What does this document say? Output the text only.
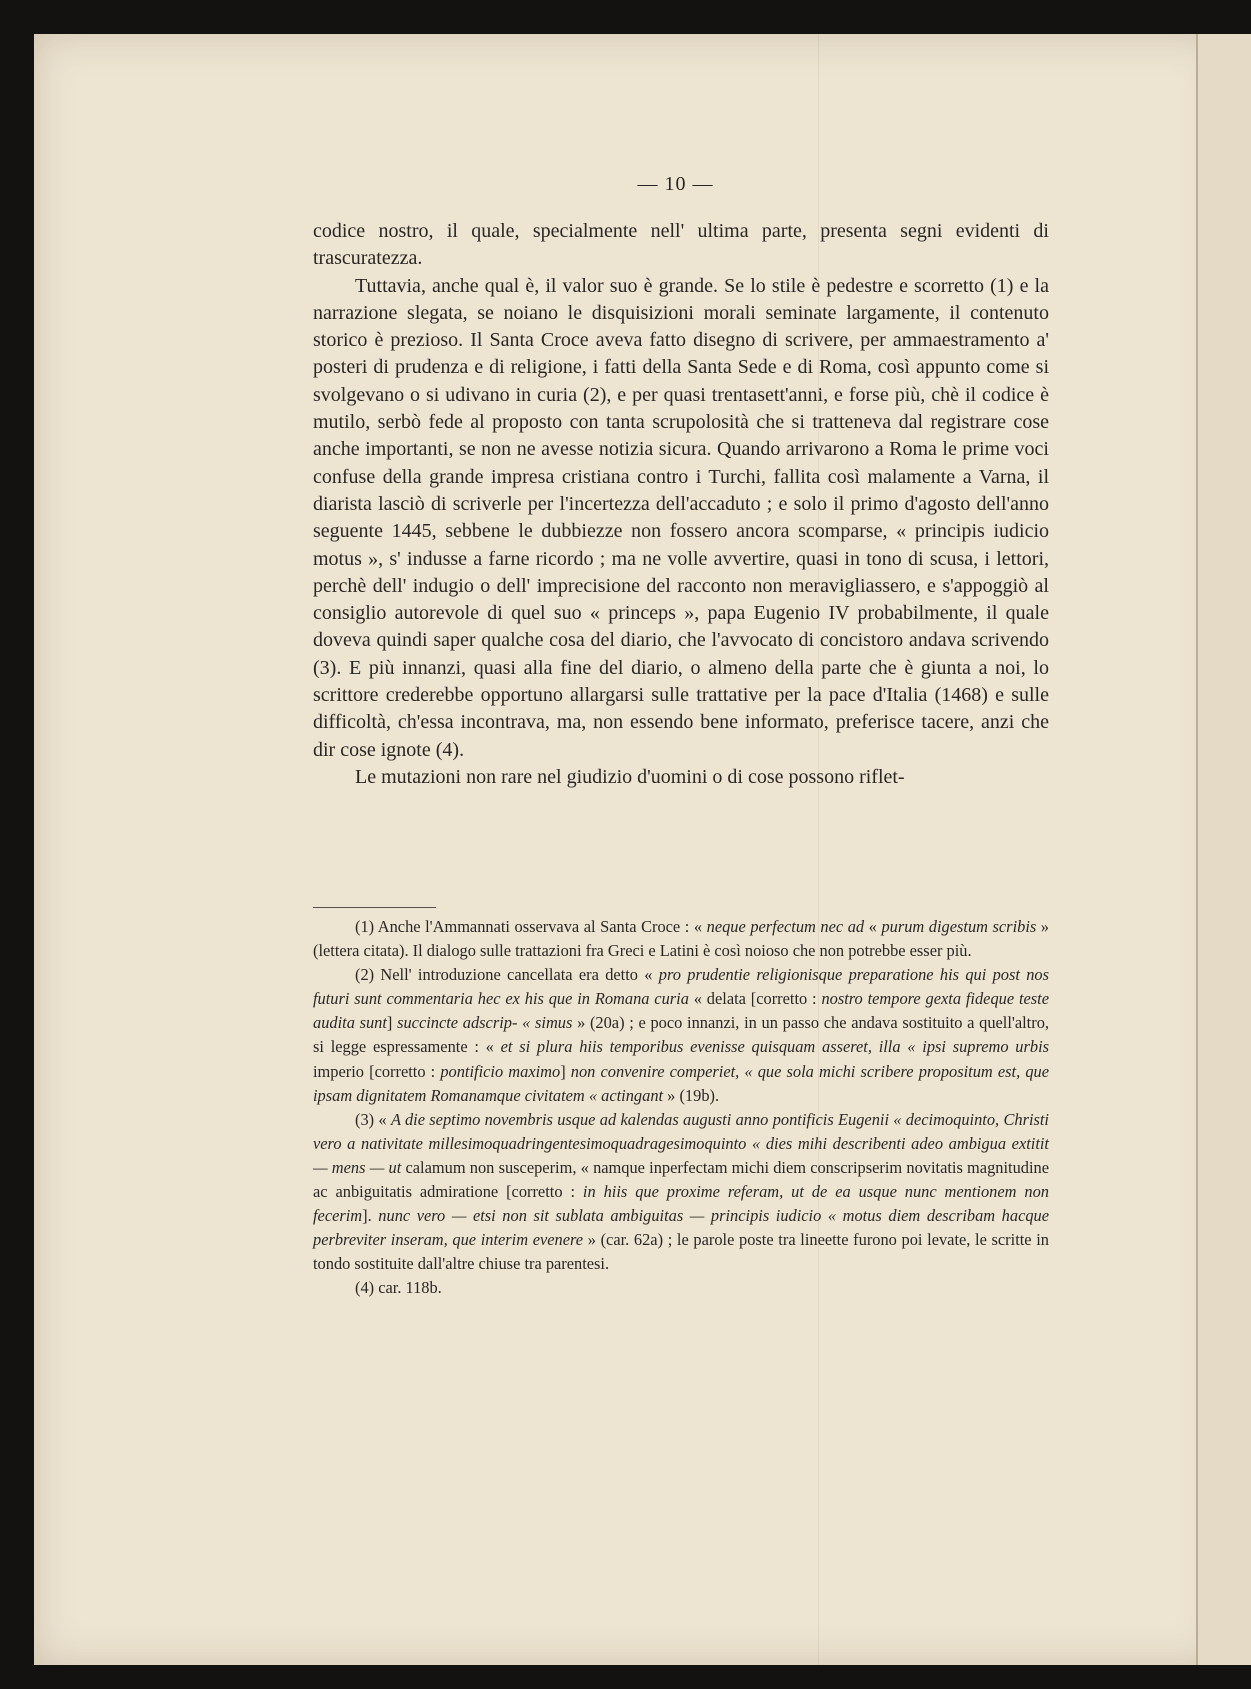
— 10 —

codice nostro, il quale, specialmente nell' ultima parte, presenta segni evidenti di trascuratezza.

Tuttavia, anche qual è, il valor suo è grande. Se lo stile è pedestre e scorretto (1) e la narrazione slegata, se noiano le disquisizioni morali seminate largamente, il contenuto storico è prezioso. Il Santa Croce aveva fatto disegno di scrivere, per ammaestramento a' posteri di prudenza e di religione, i fatti della Santa Sede e di Roma, così appunto come si svolgevano o si udivano in curia (2), e per quasi trentasett'anni, e forse più, chè il codice è mutilo, serbò fede al proposto con tanta scrupolosità che si tratteneva dal registrare cose anche importanti, se non ne avesse notizia sicura. Quando arrivarono a Roma le prime voci confuse della grande impresa cristiana contro i Turchi, fallita così malamente a Varna, il diarista lasciò di scriverle per l'incertezza dell'accaduto ; e solo il primo d'agosto dell'anno seguente 1445, sebbene le dubbiezze non fossero ancora scomparse, « principis iudicio motus », s' indusse a farne ricordo ; ma ne volle avvertire, quasi in tono di scusa, i lettori, perchè dell' indugio o dell' imprecisione del racconto non meravigliassero, e s'appoggiò al consiglio autorevole di quel suo « princeps », papa Eugenio IV probabilmente, il quale doveva quindi saper qualche cosa del diario, che l'avvocato di concistoro andava scrivendo (3). E più innanzi, quasi alla fine del diario, o almeno della parte che è giunta a noi, lo scrittore crederebbe opportuno allargarsi sulle trattative per la pace d'Italia (1468) e sulle difficoltà, ch'essa incontrava, ma, non essendo bene informato, preferisce tacere, anzi che dir cose ignote (4).

Le mutazioni non rare nel giudizio d'uomini o di cose possono riflet-

(1) Anche l'Ammannati osservava al Santa Croce : « neque perfectum nec ad « purum digestum scribis » (lettera citata). Il dialogo sulle trattazioni fra Greci e Latini è così noioso che non potrebbe esser più.

(2) Nell' introduzione cancellata era detto « pro prudentie religionisque preparatione his qui post nos futuri sunt commentaria hec ex his que in Romana curia « delata [corretto : nostro tempore gexta fideque teste audita sunt] succincte adscrip- « simus » (20a) ; e poco innanzi, in un passo che andava sostituito a quell'altro, si legge espressamente : « et si plura hiis temporibus evenisse quisquam asseret, illa « ipsi supremo urbis imperio [corretto : pontificio maximo] non convenire comperiet, « que sola michi scribere propositum est, que ipsam dignitatem Romanamque civitatem « actingant » (19b).

(3) « A die septimo novembris usque ad kalendas augusti anno pontificis Eugenii « decimoquinto, Christi vero a nativitate millesimoquadringentesimoquadragesimoquinto « dies mihi describenti adeo ambigua extitit — mens — ut calamum non susceperim, « namque inperfectam michi diem conscripserim novitatis magnitudine ac anbiguitatis admiratione [corretto : in hiis que proxime referam, ut de ea usque nunc mentionem non fecerim]. nunc vero — etsi non sit sublata ambiguitas — principis iudicio « motus diem describam hacque perbreviter inseram, que interim evenere » (car. 62a) ; le parole poste tra lineette furono poi levate, le scritte in tondo sostituite dall'altre chiuse tra parentesi.

(4) car. 118b.
